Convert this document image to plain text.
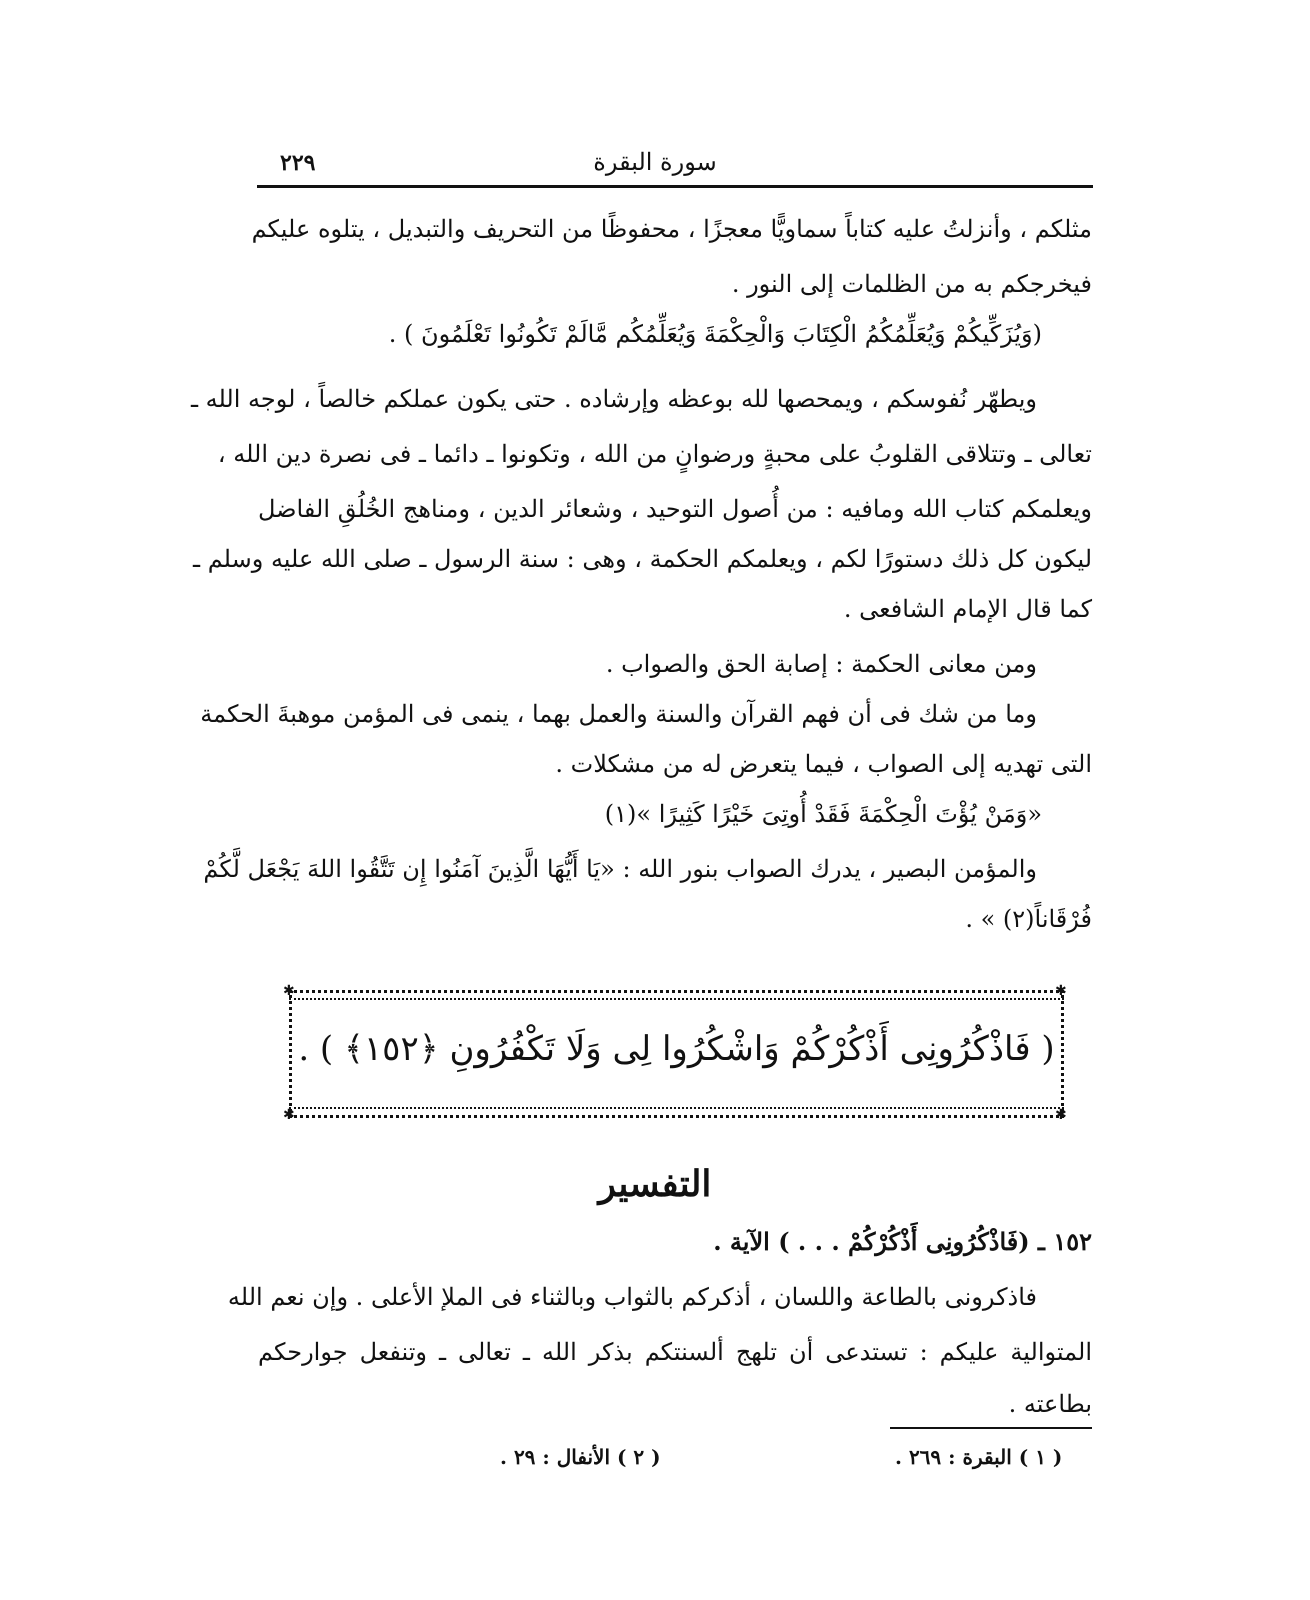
٢٢٩	سورة البقرة
مثلكم ، وأنزلتُ عليه كتاباً سماويًّا معجزًا ، محفوظًا من التحريف والتبديل ، يتلوه عليكم
فيخرجكم به من الظلمات إلى النور .
(وَيُزَكِّيكُمْ وَيُعَلِّمُكُمُ الْكِتَابَ وَالْحِكْمَةَ وَيُعَلِّمُكُم مَّالَمْ تَكُونُوا تَعْلَمُونَ ) .
ويطهّر نُفوسكم ، ويمحصها لله بوعظه وإرشاده . حتى يكون عملكم خالصاً ، لوجه الله ـ
تعالى ـ وتتلاقى القلوبُ على محبةٍ ورضوانٍ من الله ، وتكونوا ـ دائما ـ فى نصرة دين الله ،
ويعلمكم كتاب الله ومافيه : من أُصول التوحيد ، وشعائر الدين ، ومناهج الخُلُقِ الفاضل
ليكون كل ذلك دستورًا لكم ، ويعلمكم الحكمة ، وهى : سنة الرسول ـ صلى الله عليه وسلم ـ
كما قال الإمام الشافعى .
ومن معانى الحكمة : إصابة الحق والصواب .
وما من شك فى أن فهم القرآن والسنة والعمل بهما ، ينمى فى المؤمن موهبةَ الحكمة
التى تهديه إلى الصواب ، فيما يتعرض له من مشكلات .
«وَمَنْ يُؤْتَ الْحِكْمَةَ فَقَدْ أُوتِىَ خَيْرًا كَثِيرًا »(١)
والمؤمن البصير ، يدرك الصواب بنور الله : «يَا أَيُّهَا الَّذِينَ آمَنُوا إِن تَتَّقُوا اللهَ يَجْعَل لَّكُمْ
فُرْقَاناً(٢) » .
✱	✱
✱	✱
( فَاذْكُرُونِى أَذْكُرْكُمْ وَاشْكُرُوا لِى وَلَا تَكْفُرُونِ ﴿١٥٢﴾ ) .
التفسير
١٥٢ ـ (فَاذْكُرُونِى أَذْكُرْكُمْ . . . ) الآية .
فاذكرونى بالطاعة واللسان ، أذكركم بالثواب وبالثناء فى الملإ الأعلى . وإن نعم الله
المتوالية عليكم : تستدعى أن تلهج ألسنتكم بذكر الله ـ تعالى ـ وتنفعل جوارحكم
بطاعته .
( ١ ) البقرة : ٢٦٩ .
( ٢ ) الأنفال : ٢٩ .
